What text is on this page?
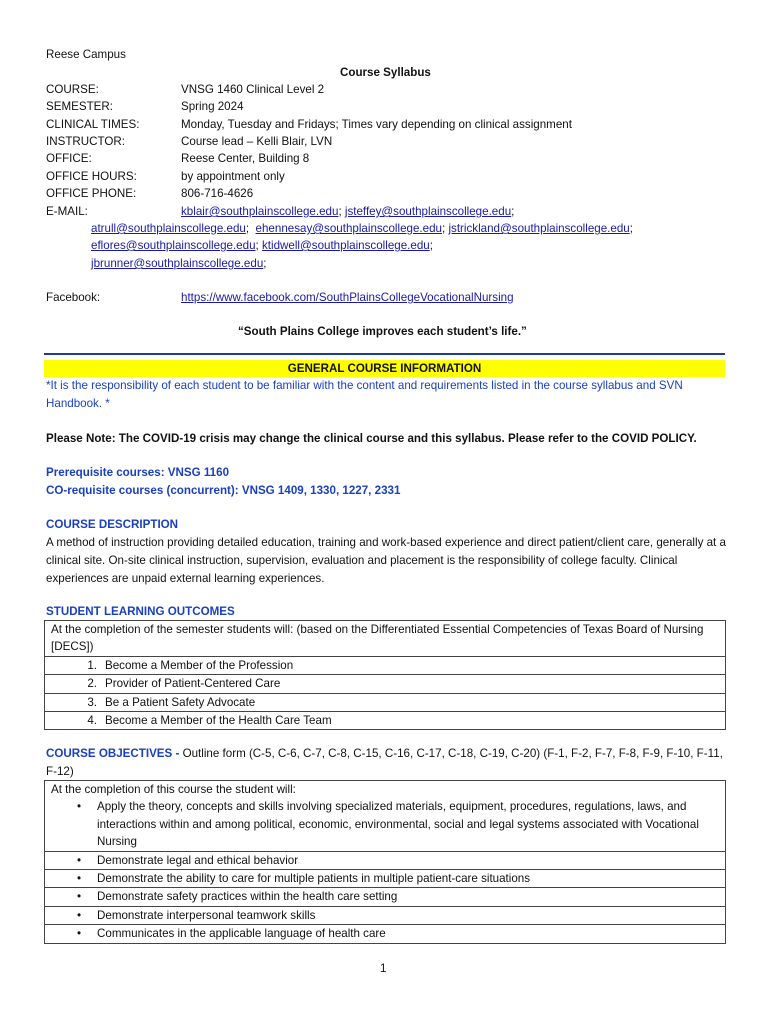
Reese Campus
Course Syllabus
COURSE:	VNSG 1460 Clinical Level 2
SEMESTER:	Spring 2024
CLINICAL TIMES:	Monday, Tuesday and Fridays; Times vary depending on clinical assignment
INSTRUCTOR:	Course lead – Kelli Blair, LVN
OFFICE:	Reese Center, Building 8
OFFICE HOURS:	by appointment only
OFFICE PHONE:	806-716-4626
E-MAIL:	kblair@southplainscollege.edu; jsteffey@southplainscollege.edu;
atrull@southplainscollege.edu;  ehennesay@southplainscollege.edu; jstrickland@southplainscollege.edu;
eflores@southplainscollege.edu; ktidwell@southplainscollege.edu;
jbrunner@southplainscollege.edu;
Facebook:	https://www.facebook.com/SouthPlainsCollegeVocationalNursing
“South Plains College improves each student’s life.”
GENERAL COURSE INFORMATION
*It is the responsibility of each student to be familiar with the content and requirements listed in the course syllabus and SVN Handbook. *
Please Note: The COVID-19 crisis may change the clinical course and this syllabus. Please refer to the COVID POLICY.
Prerequisite courses: VNSG 1160
CO-requisite courses (concurrent): VNSG 1409, 1330, 1227, 2331
COURSE DESCRIPTION
A method of instruction providing detailed education, training and work-based experience and direct patient/client care, generally at a clinical site. On-site clinical instruction, supervision, evaluation and placement is the responsibility of college faculty. Clinical experiences are unpaid external learning experiences.
STUDENT LEARNING OUTCOMES
At the completion of the semester students will: (based on the Differentiated Essential Competencies of Texas Board of Nursing [DECS])
1. Become a Member of the Profession
2. Provider of Patient-Centered Care
3. Be a Patient Safety Advocate
4. Become a Member of the Health Care Team
COURSE OBJECTIVES - Outline form (C-5, C-6, C-7, C-8, C-15, C-16, C-17, C-18, C-19, C-20) (F-1, F-2, F-7, F-8, F-9, F-10, F-11, F-12)
At the completion of this course the student will:
•	Apply the theory, concepts and skills involving specialized materials, equipment, procedures, regulations, laws, and interactions within and among political, economic, environmental, social and legal systems associated with Vocational Nursing

•	Demonstrate legal and ethical behavior

•	Demonstrate the ability to care for multiple patients in multiple patient-care situations

•	Demonstrate safety practices within the health care setting

•	Demonstrate interpersonal teamwork skills

•	Communicates in the applicable language of health care
1
